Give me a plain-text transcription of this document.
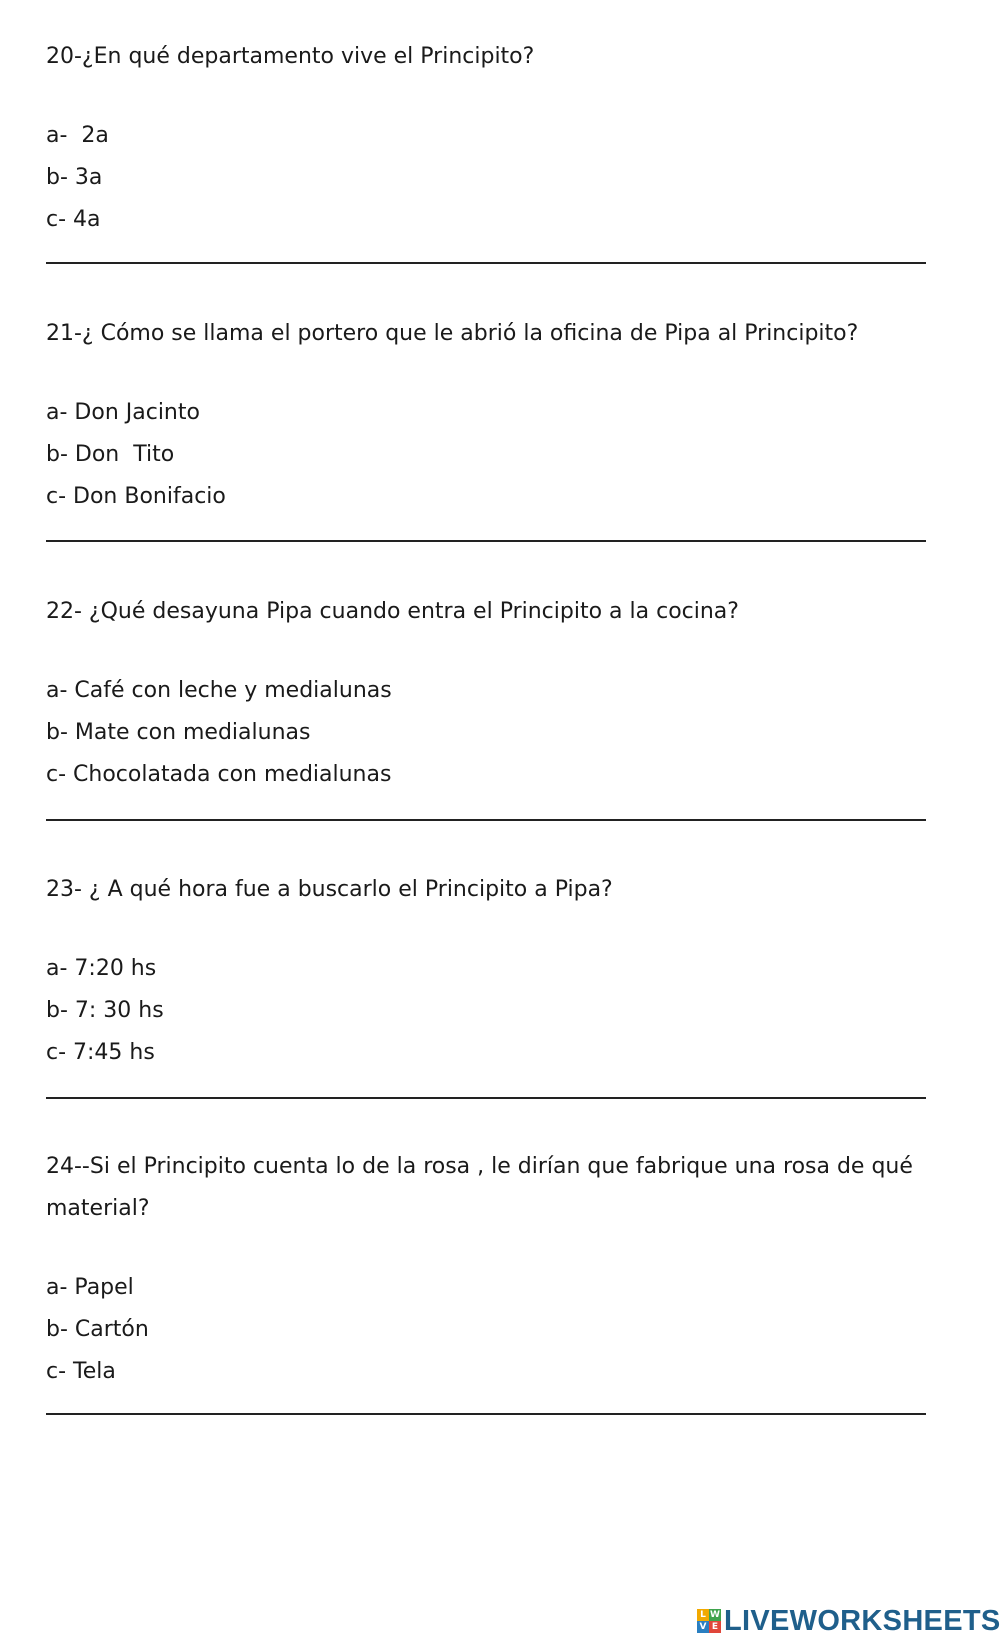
20-¿En qué departamento vive el Principito?

a-  2a
b- 3a
c- 4a

21-¿ Cómo se llama el portero que le abrió la oficina de Pipa al Principito?

a- Don Jacinto
b- Don  Tito
c- Don Bonifacio

22- ¿Qué desayuna Pipa cuando entra el Principito a la cocina?

a- Café con leche y medialunas
b- Mate con medialunas
c- Chocolatada con medialunas

23- ¿ A qué hora fue a buscarlo el Principito a Pipa?

a- 7:20 hs
b- 7: 30 hs
c- 7:45 hs

24--Si el Principito cuenta lo de la rosa , le dirían que fabrique una rosa de qué material?

a- Papel
b- Cartón
c- Tela
L W
V E LIVEWORKSHEETS
